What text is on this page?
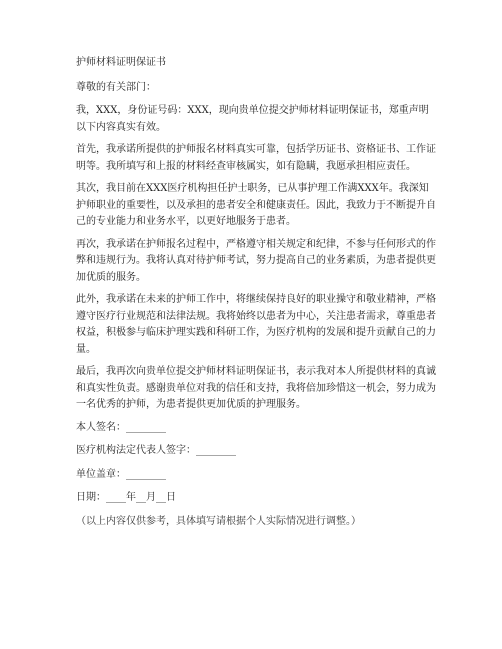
护师材料证明保证书

尊敬的有关部门：

我，XXX，身份证号码：XXX，现向贵单位提交护师材料证明保证书，郑重声明以下内容真实有效。

首先，我承诺所提供的护师报名材料真实可靠，包括学历证书、资格证书、工作证明等。我所填写和上报的材料经查审核属实，如有隐瞒，我愿承担相应责任。

其次，我目前在XXX医疗机构担任护士职务，已从事护理工作满XXX年。我深知护师职业的重要性，以及承担的患者安全和健康责任。因此，我致力于不断提升自己的专业能力和业务水平，以更好地服务于患者。

再次，我承诺在护师报名过程中，严格遵守相关规定和纪律，不参与任何形式的作弊和违规行为。我将认真对待护师考试，努力提高自己的业务素质，为患者提供更加优质的服务。

此外，我承诺在未来的护师工作中，将继续保持良好的职业操守和敬业精神，严格遵守医疗行业规范和法律法规。我将始终以患者为中心，关注患者需求，尊重患者权益，积极参与临床护理实践和科研工作，为医疗机构的发展和提升贡献自己的力量。

最后，我再次向贵单位提交护师材料证明保证书，表示我对本人所提供材料的真诚和真实性负责。感谢贵单位对我的信任和支持，我将倍加珍惜这一机会，努力成为一名优秀的护师，为患者提供更加优质的护理服务。

本人签名：________

医疗机构法定代表人签字：________

单位盖章：________

日期：____年__月__日

（以上内容仅供参考，具体填写请根据个人实际情况进行调整。）
